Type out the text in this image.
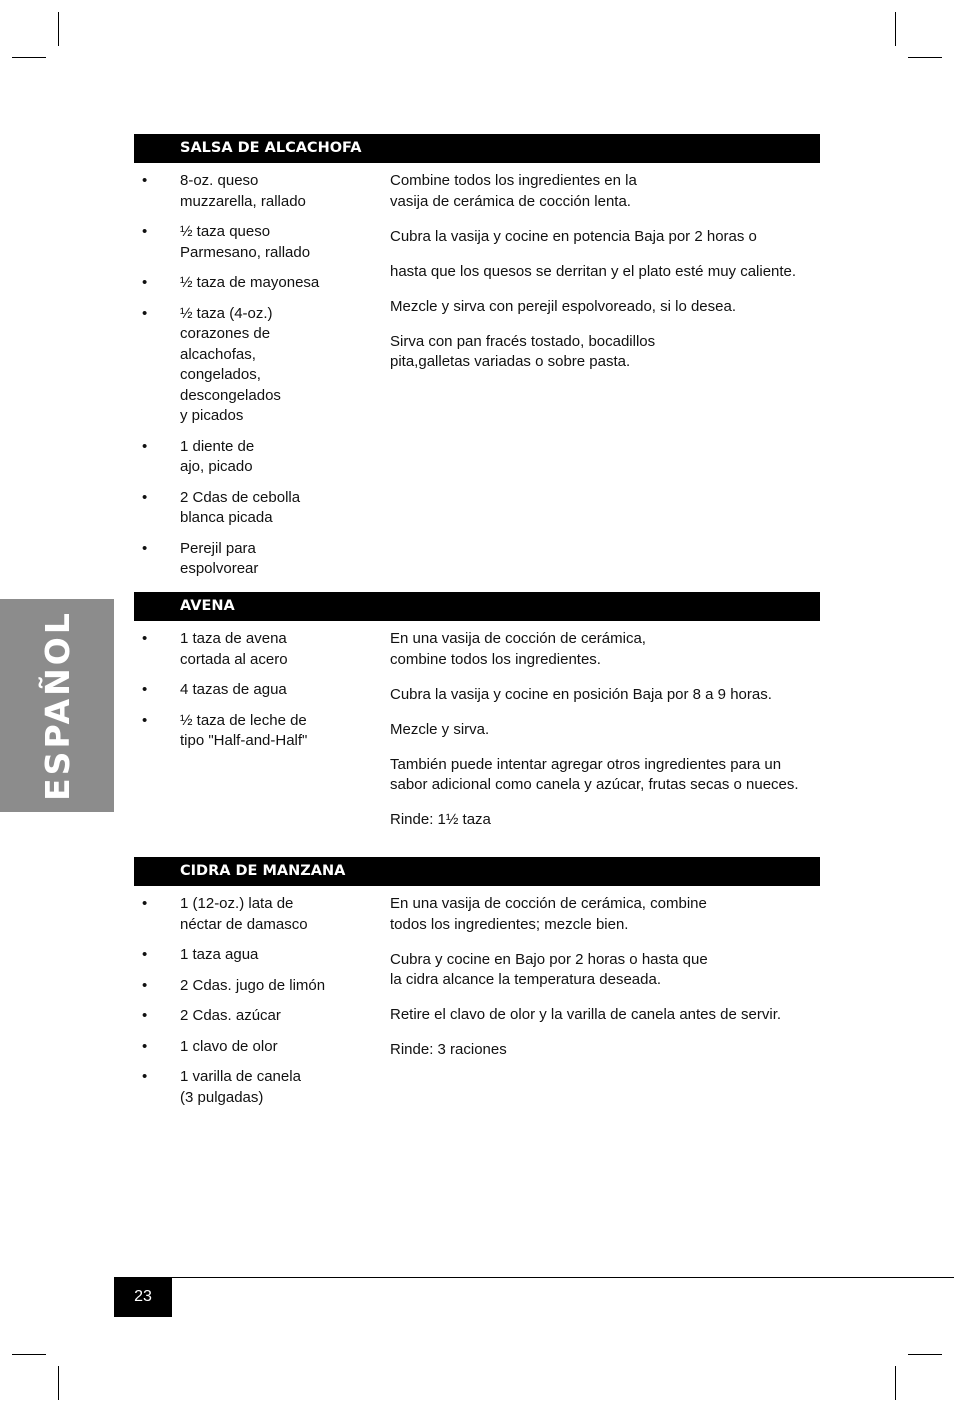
ESPAÑOL
SALSA DE ALCACHOFA
• 8-oz. queso
muzzarella, rallado
• ½ taza queso
Parmesano, rallado
• ½ taza de mayonesa
• ½ taza (4-oz.)
corazones de
alcachofas,
congelados,
descongelados
y picados
• 1 diente de
ajo, picado
• 2 Cdas de cebolla
blanca picada
• Perejil para
espolvorear

Combine todos los ingredientes en la
vasija de cerámica de cocción lenta.

Cubra la vasija y cocine en potencia Baja por 2 horas o

hasta que los quesos se derritan y el plato esté muy caliente.

Mezcle y sirva con perejil espolvoreado, si lo desea.

Sirva con pan fracés tostado, bocadillos
pita,galletas variadas o sobre pasta.

AVENA
• 1 taza de avena
cortada al acero
• 4 tazas de agua
• ½ taza de leche de
tipo "Half-and-Half"

En una vasija de cocción de cerámica,
combine todos los ingredientes.

Cubra la vasija y cocine en posición Baja por 8 a 9 horas.

Mezcle y sirva.

También puede intentar agregar otros ingredientes para un
sabor adicional como canela y azúcar, frutas secas o nueces.

Rinde: 1½ taza

CIDRA DE MANZANA
• 1 (12-oz.) lata de
néctar de damasco
• 1 taza agua
• 2 Cdas. jugo de limón
• 2 Cdas. azúcar
• 1 clavo de olor
• 1 varilla de canela
(3 pulgadas)

En una vasija de cocción de cerámica, combine
todos los ingredientes; mezcle bien.

Cubra y cocine en Bajo por 2 horas o hasta que
la cidra alcance la temperatura deseada.

Retire el clavo de olor y la varilla de canela antes de servir.

Rinde: 3 raciones

23
